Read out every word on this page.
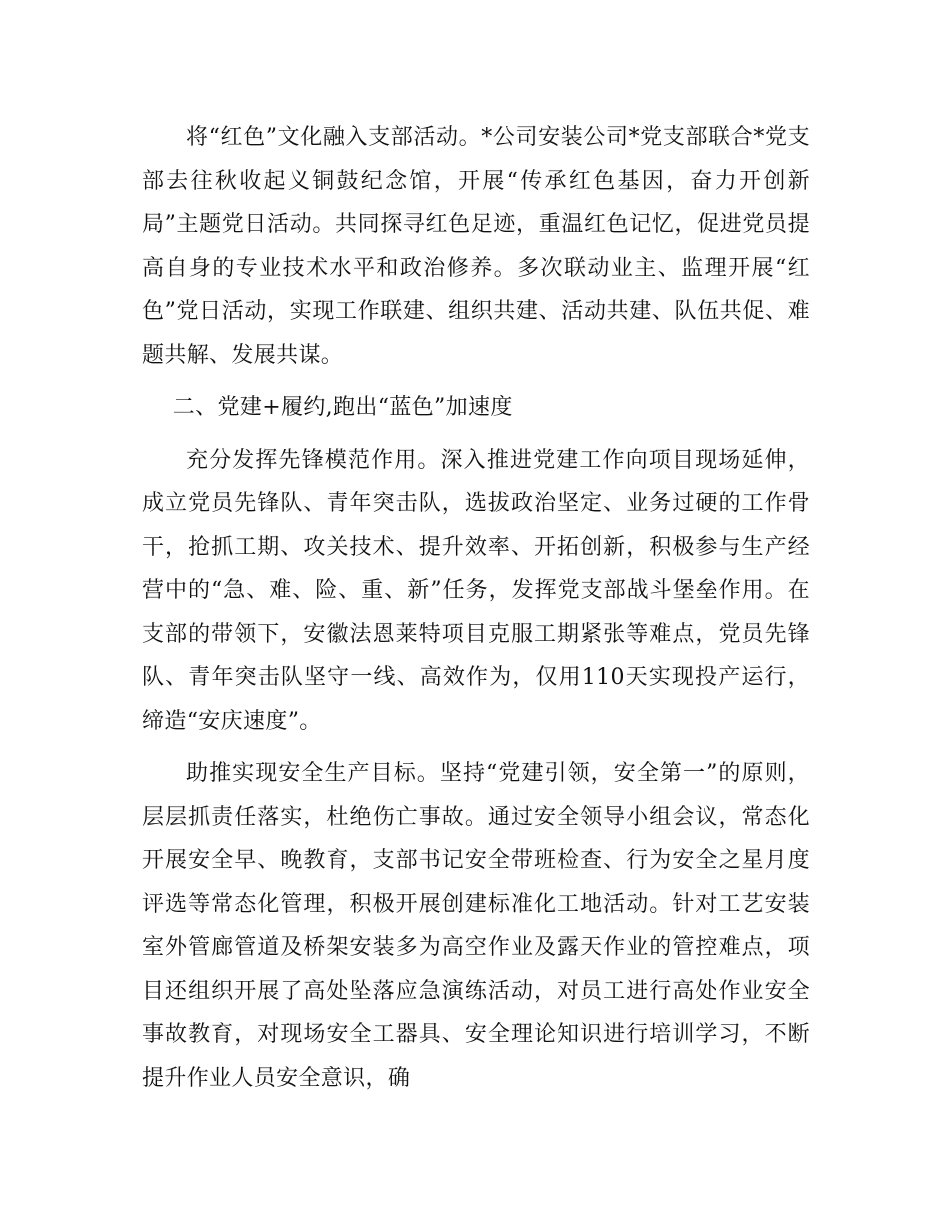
将“红色”文化融入支部活动。*公司安装公司*党支部联合*党支部去往秋收起义铜鼓纪念馆，开展“传承红色基因，奋力开创新局”主题党日活动。共同探寻红色足迹，重温红色记忆，促进党员提高自身的专业技术水平和政治修养。多次联动业主、监理开展“红色”党日活动，实现工作联建、组织共建、活动共建、队伍共促、难题共解、发展共谋。

二、党建+履约,跑出“蓝色”加速度

充分发挥先锋模范作用。深入推进党建工作向项目现场延伸，成立党员先锋队、青年突击队，选拔政治坚定、业务过硬的工作骨干，抢抓工期、攻关技术、提升效率、开拓创新，积极参与生产经营中的“急、难、险、重、新”任务，发挥党支部战斗堡垒作用。在支部的带领下，安徽法恩莱特项目克服工期紧张等难点，党员先锋队、青年突击队坚守一线、高效作为，仅用110天实现投产运行，缔造“安庆速度”。

助推实现安全生产目标。坚持“党建引领，安全第一”的原则，层层抓责任落实，杜绝伤亡事故。通过安全领导小组会议，常态化开展安全早、晚教育，支部书记安全带班检查、行为安全之星月度评选等常态化管理，积极开展创建标准化工地活动。针对工艺安装室外管廊管道及桥架安装多为高空作业及露天作业的管控难点，项目还组织开展了高处坠落应急演练活动，对员工进行高处作业安全事故教育，对现场安全工器具、安全理论知识进行培训学习，不断提升作业人员安全意识，确
